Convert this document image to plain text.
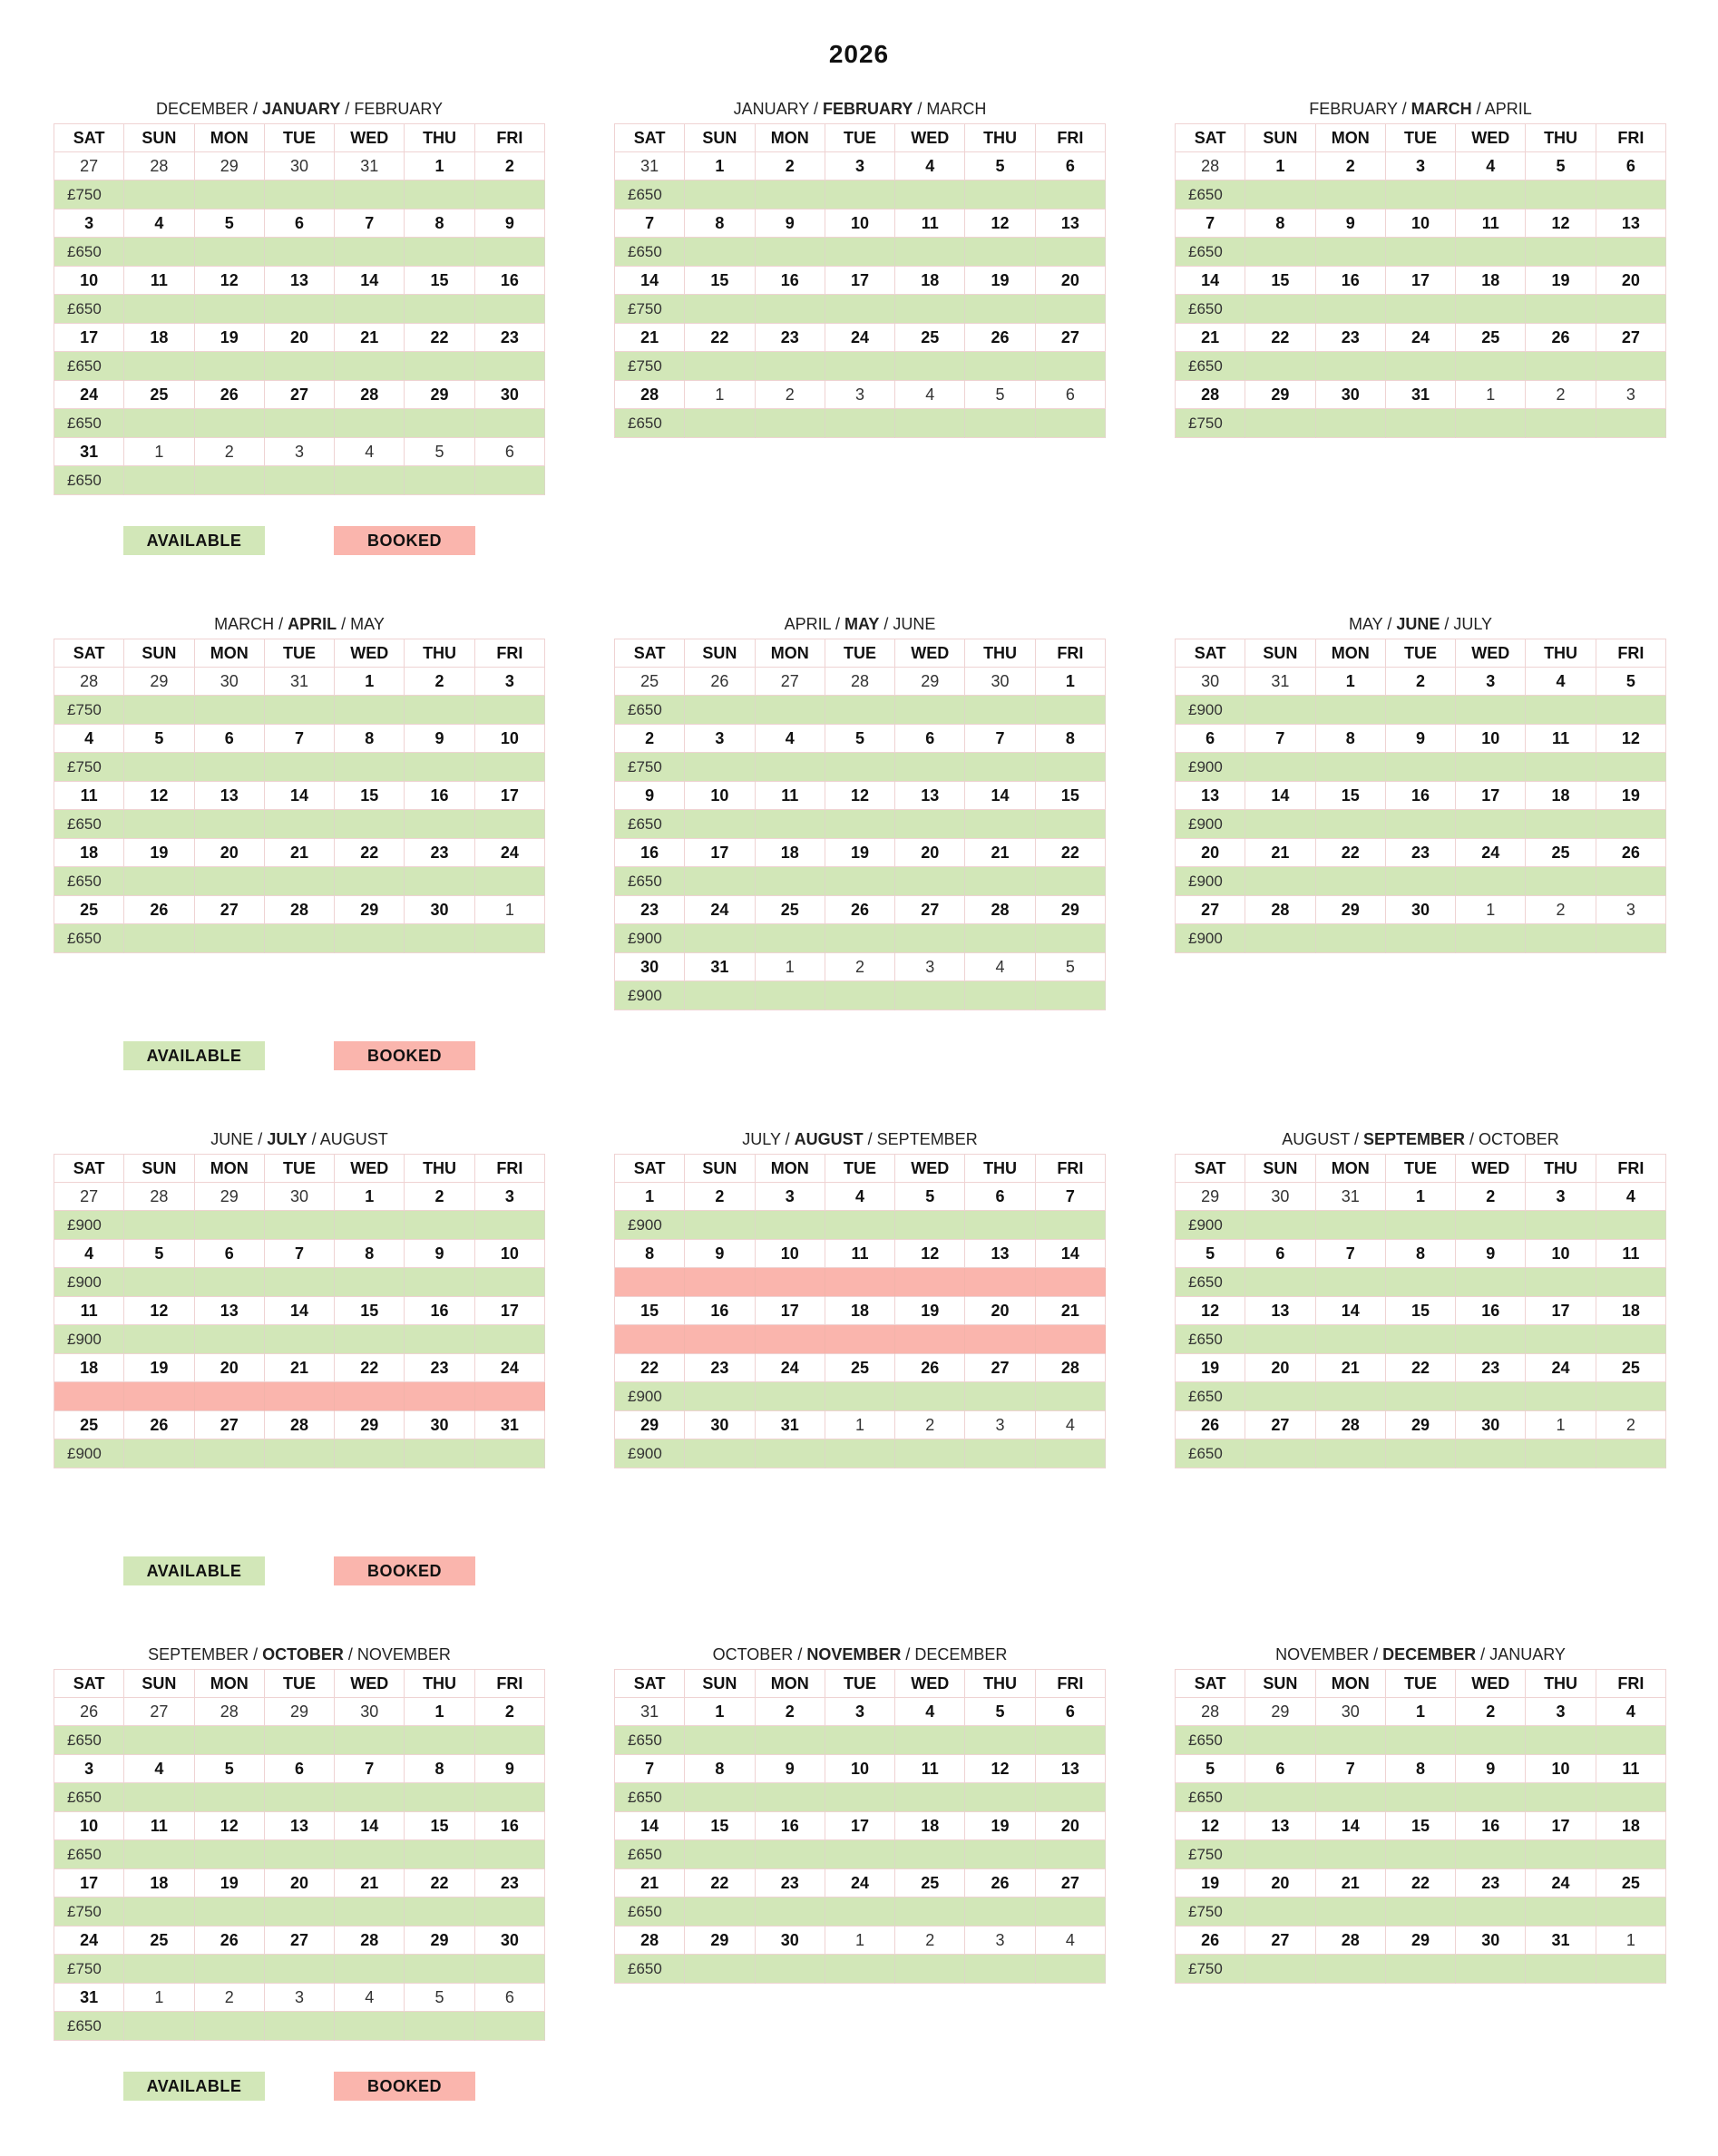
2026
DECEMBER / JANUARY / FEBRUARY
SAT	SUN	MON	TUE	WED	THU	FRI
27	28	29	30	31	1	2
£750
3	4	5	6	7	8	9
£650
10	11	12	13	14	15	16
£650
17	18	19	20	21	22	23
£650
24	25	26	27	28	29	30
£650
31	1	2	3	4	5	6
£650
JANUARY / FEBRUARY / MARCH
SAT	SUN	MON	TUE	WED	THU	FRI
31	1	2	3	4	5	6
£650
7	8	9	10	11	12	13
£650
14	15	16	17	18	19	20
£750
21	22	23	24	25	26	27
£750
28	1	2	3	4	5	6
£650
FEBRUARY / MARCH / APRIL
SAT	SUN	MON	TUE	WED	THU	FRI
28	1	2	3	4	5	6
£650
7	8	9	10	11	12	13
£650
14	15	16	17	18	19	20
£650
21	22	23	24	25	26	27
£650
28	29	30	31	1	2	3
£750
MARCH / APRIL / MAY
SAT	SUN	MON	TUE	WED	THU	FRI
28	29	30	31	1	2	3
£750
4	5	6	7	8	9	10
£750
11	12	13	14	15	16	17
£650
18	19	20	21	22	23	24
£650
25	26	27	28	29	30	1
£650
APRIL / MAY / JUNE
SAT	SUN	MON	TUE	WED	THU	FRI
25	26	27	28	29	30	1
£650
2	3	4	5	6	7	8
£750
9	10	11	12	13	14	15
£650
16	17	18	19	20	21	22
£650
23	24	25	26	27	28	29
£900
30	31	1	2	3	4	5
£900
MAY / JUNE / JULY
SAT	SUN	MON	TUE	WED	THU	FRI
30	31	1	2	3	4	5
£900
6	7	8	9	10	11	12
£900
13	14	15	16	17	18	19
£900
20	21	22	23	24	25	26
£900
27	28	29	30	1	2	3
£900
JUNE / JULY / AUGUST
SAT	SUN	MON	TUE	WED	THU	FRI
27	28	29	30	1	2	3
£900
4	5	6	7	8	9	10
£900
11	12	13	14	15	16	17
£900
18	19	20	21	22	23	24
25	26	27	28	29	30	31
£900
JULY / AUGUST / SEPTEMBER
SAT	SUN	MON	TUE	WED	THU	FRI
1	2	3	4	5	6	7
£900
8	9	10	11	12	13	14
15	16	17	18	19	20	21
22	23	24	25	26	27	28
£900
29	30	31	1	2	3	4
£900
AUGUST / SEPTEMBER / OCTOBER
SAT	SUN	MON	TUE	WED	THU	FRI
29	30	31	1	2	3	4
£900
5	6	7	8	9	10	11
£650
12	13	14	15	16	17	18
£650
19	20	21	22	23	24	25
£650
26	27	28	29	30	1	2
£650
SEPTEMBER / OCTOBER / NOVEMBER
SAT	SUN	MON	TUE	WED	THU	FRI
26	27	28	29	30	1	2
£650
3	4	5	6	7	8	9
£650
10	11	12	13	14	15	16
£650
17	18	19	20	21	22	23
£750
24	25	26	27	28	29	30
£750
31	1	2	3	4	5	6
£650
OCTOBER / NOVEMBER / DECEMBER
SAT	SUN	MON	TUE	WED	THU	FRI
31	1	2	3	4	5	6
£650
7	8	9	10	11	12	13
£650
14	15	16	17	18	19	20
£650
21	22	23	24	25	26	27
£650
28	29	30	1	2	3	4
£650
NOVEMBER / DECEMBER / JANUARY
SAT	SUN	MON	TUE	WED	THU	FRI
28	29	30	1	2	3	4
£650
5	6	7	8	9	10	11
£650
12	13	14	15	16	17	18
£750
19	20	21	22	23	24	25
£750
26	27	28	29	30	31	1
£750
AVAILABLE	BOOKED
AVAILABLE	BOOKED
AVAILABLE	BOOKED
AVAILABLE	BOOKED
